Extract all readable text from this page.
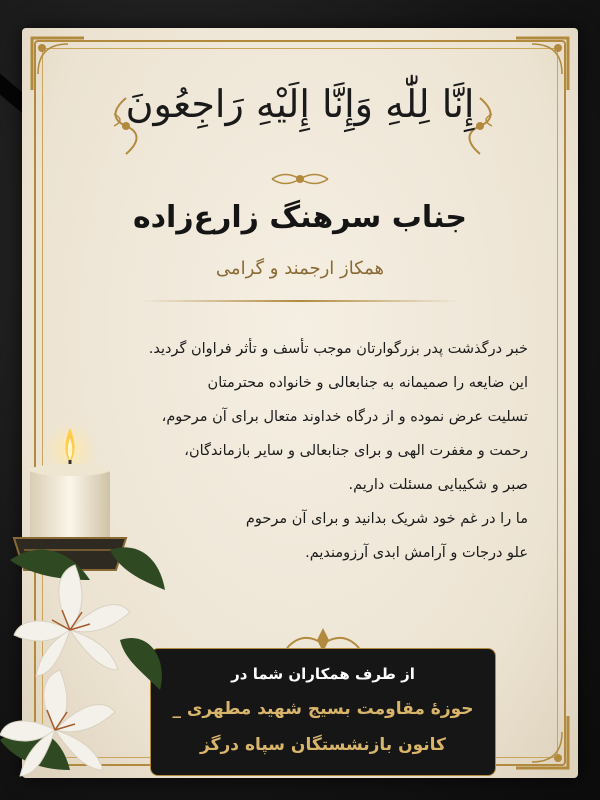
إِنَّا لِلّٰهِ وَإِنَّا إِلَيْهِ رَاجِعُونَ
جناب سرهنگ زارع‌زاده
همکاز ارجمند و گرامی
خبر درگذشت پدر بزرگوارتان موجب تأسف و تأثر فراوان گردید.
این ضایعه را صمیمانه به جنابعالی و خانواده محترمتان
تسلیت عرض نموده و از درگاه خداوند متعال برای آن مرحوم،
رحمت و مغفرت الهی و برای جنابعالی و سایر بازماندگان،
صبر و شکیبایی مسئلت داریم.
ما را در غم خود شریک بدانید و برای آن مرحوم
علو درجات و آرامش ابدی آرزومندیم.
از طرف همکاران شما در
حوزهٔ مقاومت بسیج شهید مطهری _
کانون بازنشستگان سپاه درگز
